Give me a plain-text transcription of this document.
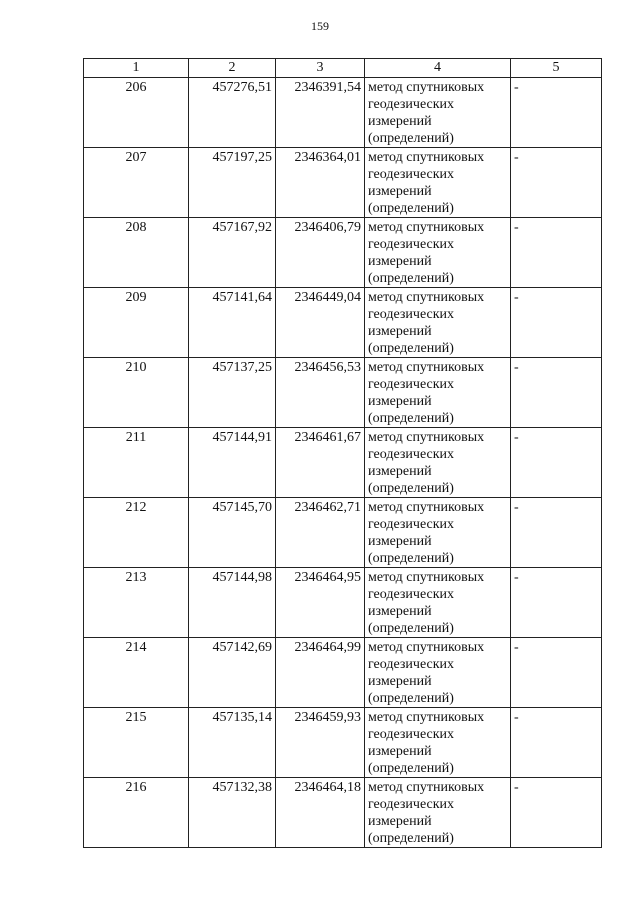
159
1	2	3	4	5
206	457276,51	2346391,54	метод спутниковых геодезических измерений (определений)	-
207	457197,25	2346364,01	метод спутниковых геодезических измерений (определений)	-
208	457167,92	2346406,79	метод спутниковых геодезических измерений (определений)	-
209	457141,64	2346449,04	метод спутниковых геодезических измерений (определений)	-
210	457137,25	2346456,53	метод спутниковых геодезических измерений (определений)	-
211	457144,91	2346461,67	метод спутниковых геодезических измерений (определений)	-
212	457145,70	2346462,71	метод спутниковых геодезических измерений (определений)	-
213	457144,98	2346464,95	метод спутниковых геодезических измерений (определений)	-
214	457142,69	2346464,99	метод спутниковых геодезических измерений (определений)	-
215	457135,14	2346459,93	метод спутниковых геодезических измерений (определений)	-
216	457132,38	2346464,18	метод спутниковых геодезических измерений (определений)	-
